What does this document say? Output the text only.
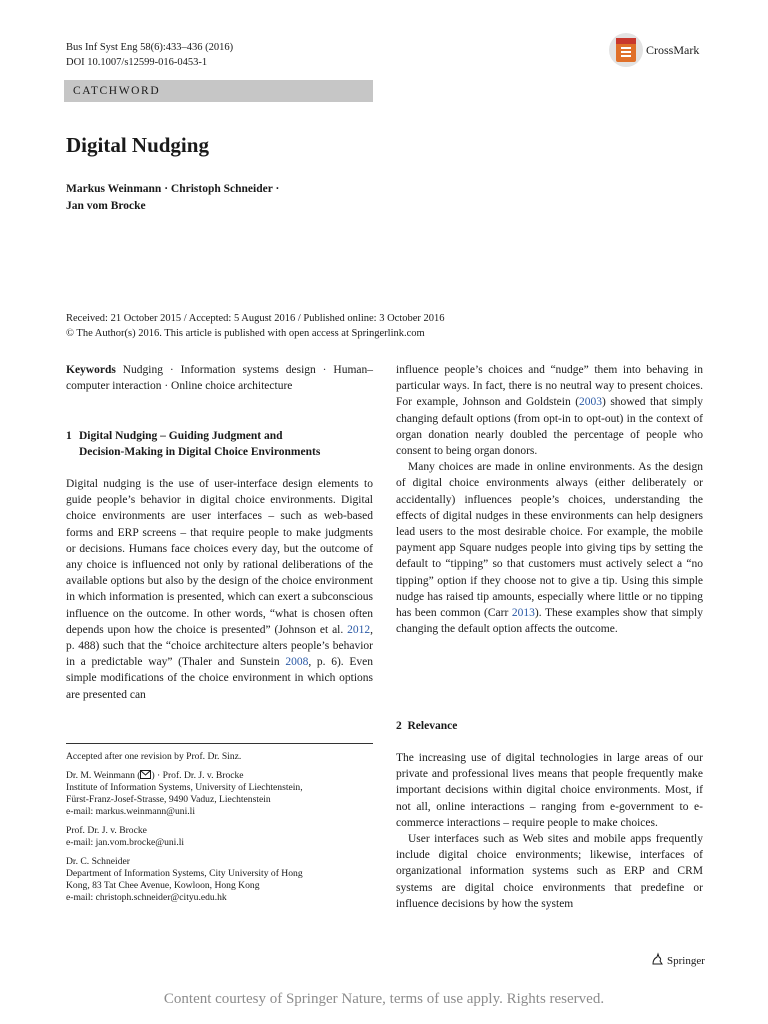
Bus Inf Syst Eng 58(6):433–436 (2016)
DOI 10.1007/s12599-016-0453-1
CrossMark
CATCHWORD
Digital Nudging
Markus Weinmann · Christoph Schneider ·
Jan vom Brocke
Received: 21 October 2015 / Accepted: 5 August 2016 / Published online: 3 October 2016
© The Author(s) 2016. This article is published with open access at Springerlink.com

Keywords Nudging · Information systems design · Human–computer interaction · Online choice architecture

1 Digital Nudging – Guiding Judgment and
Decision-Making in Digital Choice Environments

Digital nudging is the use of user-interface design elements to guide people’s behavior in digital choice environments. Digital choice environments are user interfaces – such as web-based forms and ERP screens – that require people to make judgments or decisions. Humans face choices every day, but the outcome of any choice is influenced not only by rational deliberations of the available options but also by the design of the choice environment in which information is presented, which can exert a subconscious influence on the outcome. In other words, “what is chosen often depends upon how the choice is presented” (Johnson et al. 2012, p. 488) such that the “choice architecture alters people’s behavior in a predictable way” (Thaler and Sunstein 2008, p. 6). Even simple modifications of the choice environment in which options are presented can

Accepted after one revision by Prof. Dr. Sinz.

Dr. M. Weinmann ( ) · Prof. Dr. J. v. Brocke
Institute of Information Systems, University of Liechtenstein,
Fürst-Franz-Josef-Strasse, 9490 Vaduz, Liechtenstein
e-mail: markus.weinmann@uni.li

Prof. Dr. J. v. Brocke
e-mail: jan.vom.brocke@uni.li

Dr. C. Schneider
Department of Information Systems, City University of Hong
Kong, 83 Tat Chee Avenue, Kowloon, Hong Kong
e-mail: christoph.schneider@cityu.edu.hk

influence people’s choices and “nudge” them into behaving in particular ways. In fact, there is no neutral way to present choices. For example, Johnson and Goldstein (2003) showed that simply changing default options (from opt-in to opt-out) in the context of organ donation nearly doubled the percentage of people who consent to being organ donors.

Many choices are made in online environments. As the design of digital choice environments always (either deliberately or accidentally) influences people’s choices, understanding the effects of digital nudges in these environments can help designers lead users to the most desirable choice. For example, the mobile payment app Square nudges people into giving tips by setting the default to “tipping” so that customers must actively select a “no tipping” option if they choose not to give a tip. Using this simple nudge has raised tip amounts, especially where little or no tipping has been common (Carr 2013). These examples show that simply changing the default option affects the outcome.

2 Relevance

The increasing use of digital technologies in large areas of our private and professional lives means that people frequently make important decisions within digital choice environments. Most, if not all, online interactions – ranging from e-government to e-commerce interactions – require people to make choices.

User interfaces such as Web sites and mobile apps frequently include digital choice environments; likewise, interfaces of organizational information systems such as ERP and CRM systems are digital choice environments that predefine or influence decisions by how the system

Springer
Content courtesy of Springer Nature, terms of use apply. Rights reserved.
